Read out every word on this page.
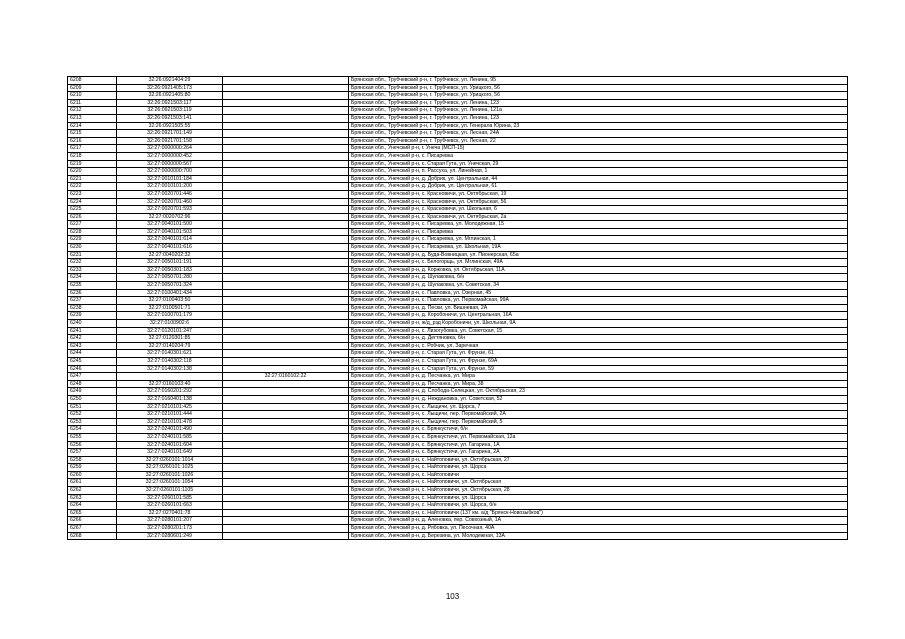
6208	32:26:0921404:29		Брянская обл., Трубчевский р-н, г. Трубчевск, ул. Ленина, 95
6209	32:26:0921405:173		Брянская обл., Трубчевский р-н, г. Трубчевск, ул. Урицкого, 56
6210	32:26:0921405:80		Брянская обл., Трубчевский р-н, г. Трубчевск, ул. Урицкого, 56
6211	32:26:0921503:117		Брянская обл., Трубчевский р-н, г. Трубчевск, ул. Ленина, 123
6212	32:26:0921503:119		Брянская обл., Трубчевский р-н, г. Трубчевск, ул. Ленина, 121а
6213	32:26:0921503:141		Брянская обл., Трубчевский р-н, г. Трубчевск, ул. Ленина, 123
6214	32:26:0921505:55		Брянская обл., Трубчевский р-н, г. Трубчевск, ул. Генерала Юрина, 23
6215	32:26:0921701:149		Брянская обл., Трубчевский р-н, г. Трубчевск, ул. Лесная, 24А
6216	32:26:0921701:158		Брянская обл., Трубчевский р-н, г. Трубчевск, ул. Лесная, 22
6217	32:27:0000000:264		Брянская обл., Унечский р-н, г. Унеча (МСП-15)
6218	32:27:0000000:452		Брянская обл., Унечский р-н, с. Писаревка
6219	32:27:0000000:567		Брянская обл., Унечский р-н, с. Старая Гута, ул. Унечская, 29
6220	32:27:0000000:700		Брянская обл., Унечский р-н, п. Рассуха, ул. Линейная, 1
6221	32:27:0010101:184		Брянская обл., Унечский р-н, д. Добрик, ул. Центральная, 44
6222	32:27:0010101:200		Брянская обл., Унечский р-н, д. Добрик, ул. Центральная, 61
6223	32:27:0020701:446		Брянская обл., Унечский р-н, с. Красновичи, ул. Октябрьская, 19
6224	32:27:0020701:460		Брянская обл., Унечский р-н, с. Красновичи, ул. Октябрьская, 56
6225	32:27:0020701:593		Брянская обл., Унечский р-н, с. Красновичи, ул. Школьная, 6
6226	32:27:0020702:96		Брянская обл., Унечский р-н, с. Красновичи, ул. Октябрьская, 2а
6227	32:27:0040101:500		Брянская обл., Унечский р-н, с. Писаревка, ул. Молодежная, 15
6228	32:27:0040101:503		Брянская обл., Унечский р-н, с. Писаревка
6229	32:27:0040101:614		Брянская обл., Унечский р-н, с. Писаревка, ул. Мглинская, 1
6230	32:27:0040101:616		Брянская обл., Унечский р-н, с. Писаревка, ул. Школьная, 19А
6231	32:27:0040202:32		Брянская обл., Унечский р-н, д. Буда-Вовницкая, ул. Пионерская, 65а
6232	32:27:0050101:191		Брянская обл., Унечский р-н, с. Белогорщь, ул. Мглинская, 49А
6233	32:27:0050301:183		Брянская обл., Унечский р-н, д. Коржовка, ул. Октябрьская, 11А
6234	32:27:0050701:280		Брянская обл., Унечский р-н, д. Шулаковка, б/н
6235	32:27:0050701:324		Брянская обл., Унечский р-н, д. Шулаковка, ул. Советская, 34
6236	32:27:0100401:434		Брянская обл., Унечский р-н, с. Павловка, ул. Озерная, 45
6237	32:27:0100403:50		Брянская обл., Унечский р-н, с. Павловка, ул. Первомайская, 99А
6238	32:27:0100501:71		Брянская обл., Унечский р-н, д. Пески, ул. Вишневая, 2А
6239	32:27:0100701:179		Брянская обл., Унечский р-н, д. Коробоничи, ул. Центральная, 16А
6240	32:27:0100902:6		Брянская обл., Унечский р-н, ж/д_рзд Коробоничи, ул. Школьная, 9А
6241	32:27:0120101:247		Брянская обл., Унечский р-н, с. Лизогубовка, ул. Советская, 15
6242	32:27:0120301:85		Брянская обл., Унечский р-н, д. Дегтяновка, б/н
6243	32:27:0140204:79		Брянская обл., Унечский р-н, с. Робчик, ул. Заречная
6244	32:27:0140301:621		Брянская обл., Унечский р-н, с. Старая Гута, ул. Фрунзе, 61
6245	32:27:0140302:118		Брянская обл., Унечский р-н, с. Старая Гута, ул. Фрунзе, 69А
6246	32:27:0140302:138		Брянская обл., Унечский р-н, с. Старая Гута, ул. Фрунзе, 59
6247		32:27:0160102:22	Брянская обл., Унечский р-н, д. Песчанка, ул. Мира
6248	32:27:0160103:40		Брянская обл., Унечский р-н, д. Песчанка, ул. Мира, 38
6249	32:27:0160201:292		Брянская обл., Унечский р-н, д. Слобода-Селецкая, ул. Октябрьская, 23
6250	32:27:0160401:138		Брянская обл., Унечский р-н, д. Неждановка, ул. Советская, 52
6251	32:27:0210101:425		Брянская обл., Унечский р-н, с. Лыщичи, ул. Щорса, 7
6252	32:27:0210101:444		Брянская обл., Унечский р-н, с. Лыщичи, пер. Первомайский, 2А
6253	32:27:0210101:478		Брянская обл., Унечский р-н, с. Лыщичи, пер. Первомайский, 5
6254	32:27:0240101:490		Брянская обл., Унечский р-н, с. Брянкустичи, б/н
6255	32:27:0240101:585		Брянская обл., Унечский р-н, с. Брянкустичи, ул. Первомайская, 12а
6256	32:27:0240101:604		Брянская обл., Унечский р-н, с. Брянкустичи, ул. Гагарина, 1А
6257	32:27:0240101:649		Брянская обл., Унечский р-н, с. Брянкустичи, ул. Гагарина, 2А
6258	32:27:0260101:1014		Брянская обл., Унечский р-н, с. Найтоповичи, ул. Октябрьская, 27
6259	32:27:0260101:1025		Брянская обл., Унечский р-н, с. Найтоповичи, ул. Щорса
6260	32:27:0260101:1026		Брянская обл., Унечский р-н, с. Найтоповичи
6261	32:27:0260101:1054		Брянская обл., Унечский р-н, с. Найтоповичи, ул. Октябрьская
6262	32:27:0260101:1105		Брянская обл., Унечский р-н, с. Найтоповичи, ул. Октябрьская, 28
6263	32:27:0260101:585		Брянская обл., Унечский р-н, с. Найтоповичи, ул. Щорса
6264	32:27:0260101:663		Брянская обл., Унечский р-н, с. Найтоповичи, ул. Щорса, б/н
6265	32:27:0270401:78		Брянская обл., Унечский р-н, с. Найтоповичи (137 км. а/д "Брянск-Новозыбков")
6266	32:27:0280101:207		Брянская обл., Унечский р-н, д. Аленовка, пер. Совхозный, 1А
6267	32:27:0280201:173		Брянская обл., Унечский р-н, д. Рябовка, ул. Песочная, 40А
6268	32:27:0280601:249		Брянская обл., Унечский р-н, д. Березина, ул. Молодежная, 13А
103
